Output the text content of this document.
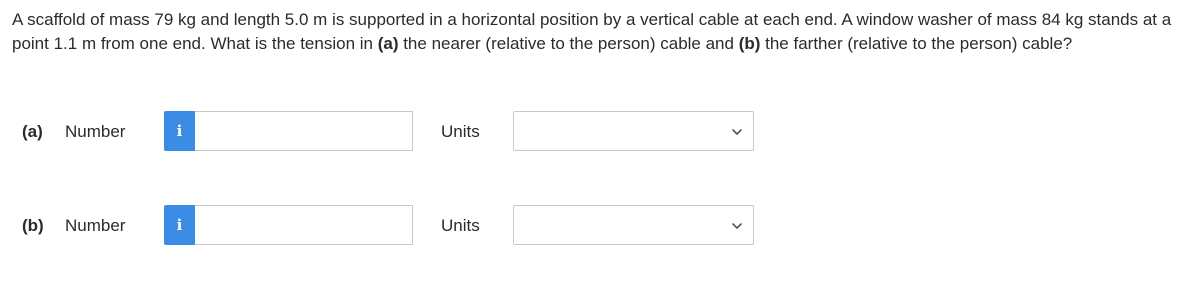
A scaffold of mass 79 kg and length 5.0 m is supported in a horizontal position by a vertical cable at each end. A window washer of mass 84 kg stands at a point 1.1 m from one end. What is the tension in (a) the nearer (relative to the person) cable and (b) the farther (relative to the person) cable?
(a) Number	i	Units
(b) Number	i	Units
